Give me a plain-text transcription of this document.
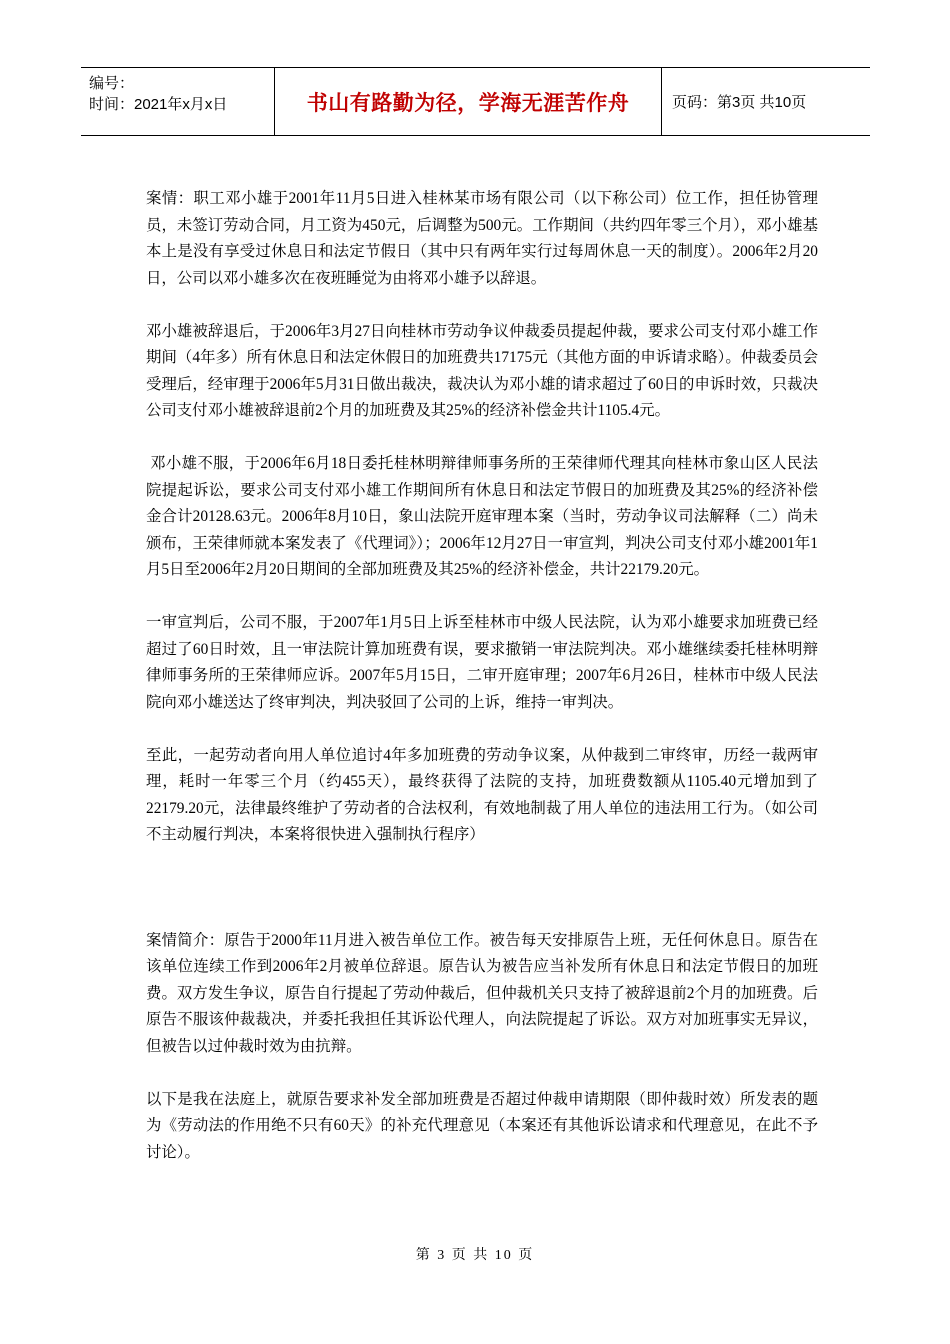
编号：
时间：2021年x月x日	书山有路勤为径，学海无涯苦作舟	页码：第3页 共10页

案情：职工邓小雄于2001年11月5日进入桂林某市场有限公司（以下称公司）位工作，担任协管理员，未签订劳动合同，月工资为450元，后调整为500元。工作期间（共约四年零三个月），邓小雄基本上是没有享受过休息日和法定节假日（其中只有两年实行过每周休息一天的制度）。2006年2月20日，公司以邓小雄多次在夜班睡觉为由将邓小雄予以辞退。

邓小雄被辞退后，于2006年3月27日向桂林市劳动争议仲裁委员提起仲裁，要求公司支付邓小雄工作期间（4年多）所有休息日和法定休假日的加班费共17175元（其他方面的申诉请求略）。仲裁委员会受理后，经审理于2006年5月31日做出裁决，裁决认为邓小雄的请求超过了60日的申诉时效，只裁决公司支付邓小雄被辞退前2个月的加班费及其25%的经济补偿金共计1105.4元。

邓小雄不服，于2006年6月18日委托桂林明辩律师事务所的王荣律师代理其向桂林市象山区人民法院提起诉讼，要求公司支付邓小雄工作期间所有休息日和法定节假日的加班费及其25%的经济补偿金合计20128.63元。2006年8月10日，象山法院开庭审理本案（当时，劳动争议司法解释（二）尚未颁布，王荣律师就本案发表了《代理词》）；2006年12月27日一审宣判，判决公司支付邓小雄2001年1月5日至2006年2月20日期间的全部加班费及其25%的经济补偿金，共计22179.20元。

一审宣判后，公司不服，于2007年1月5日上诉至桂林市中级人民法院，认为邓小雄要求加班费已经超过了60日时效，且一审法院计算加班费有误，要求撤销一审法院判决。邓小雄继续委托桂林明辩律师事务所的王荣律师应诉。2007年5月15日，二审开庭审理；2007年6月26日，桂林市中级人民法院向邓小雄送达了终审判决，判决驳回了公司的上诉，维持一审判决。

至此，一起劳动者向用人单位追讨4年多加班费的劳动争议案，从仲裁到二审终审，历经一裁两审理，耗时一年零三个月（约455天），最终获得了法院的支持，加班费数额从1105.40元增加到了22179.20元，法律最终维护了劳动者的合法权利，有效地制裁了用人单位的违法用工行为。（如公司不主动履行判决，本案将很快进入强制执行程序）

案情简介：原告于2000年11月进入被告单位工作。被告每天安排原告上班，无任何休息日。原告在该单位连续工作到2006年2月被单位辞退。原告认为被告应当补发所有休息日和法定节假日的加班费。双方发生争议，原告自行提起了劳动仲裁后，但仲裁机关只支持了被辞退前2个月的加班费。后原告不服该仲裁裁决，并委托我担任其诉讼代理人，向法院提起了诉讼。双方对加班事实无异议，但被告以过仲裁时效为由抗辩。

以下是我在法庭上，就原告要求补发全部加班费是否超过仲裁申请期限（即仲裁时效）所发表的题为《劳动法的作用绝不只有60天》的补充代理意见（本案还有其他诉讼请求和代理意见，在此不予讨论）。

第 3 页 共 10 页
